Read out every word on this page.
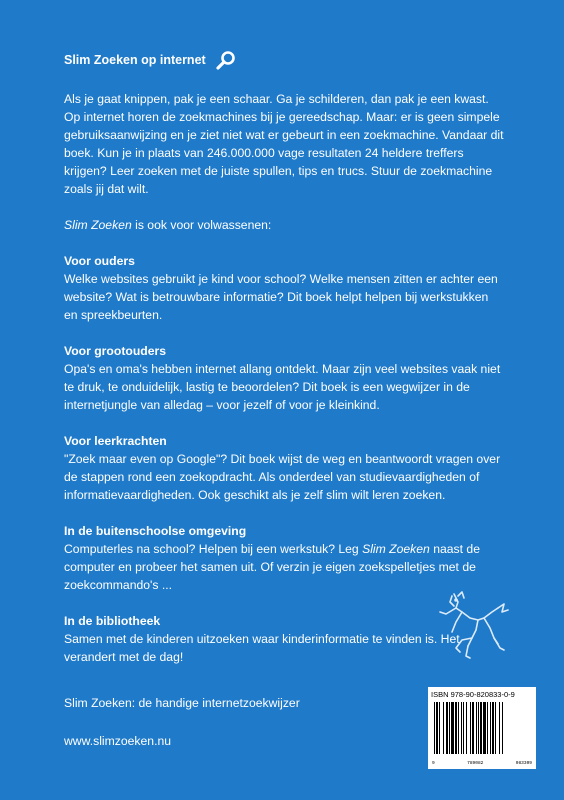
Slim Zoeken op internet

Als je gaat knippen, pak je een schaar. Ga je schilderen, dan pak je een kwast. Op internet horen de zoekmachines bij je gereedschap. Maar: er is geen simpele gebruiksaanwijzing en je ziet niet wat er gebeurt in een zoekmachine. Vandaar dit boek. Kun je in plaats van 246.000.000 vage resultaten 24 heldere treffers krijgen? Leer zoeken met de juiste spullen, tips en trucs. Stuur de zoekmachine zoals jij dat wilt.

Slim Zoeken is ook voor volwassenen:

Voor ouders

Welke websites gebruikt je kind voor school? Welke mensen zitten er achter een website? Wat is betrouwbare informatie? Dit boek helpt helpen bij werkstukken en spreekbeurten.

Voor grootouders

Opa's en oma's hebben internet allang ontdekt. Maar zijn veel websites vaak niet te druk, te onduidelijk, lastig te beoordelen? Dit boek is een wegwijzer in de internetjungle van alledag – voor jezelf of voor je kleinkind.

Voor leerkrachten

"Zoek maar even op Google"? Dit boek wijst de weg en beantwoordt vragen over de stappen rond een zoekopdracht. Als onderdeel van studievaardigheden of informatievaardigheden. Ook geschikt als je zelf slim wilt leren zoeken.

In de buitenschoolse omgeving

Computerles na school? Helpen bij een werkstuk? Leg Slim Zoeken naast de computer en probeer het samen uit. Of verzin je eigen zoekspelletjes met de zoekcommando's ...

In de bibliotheek

Samen met de kinderen uitzoeken waar kinderinformatie te vinden is. Het verandert met de dag!

Slim Zoeken: de handige internetzoekwijzer
www.slimzoeken.nu
ISBN 978-90-820833-0-9
9	789082	083309
